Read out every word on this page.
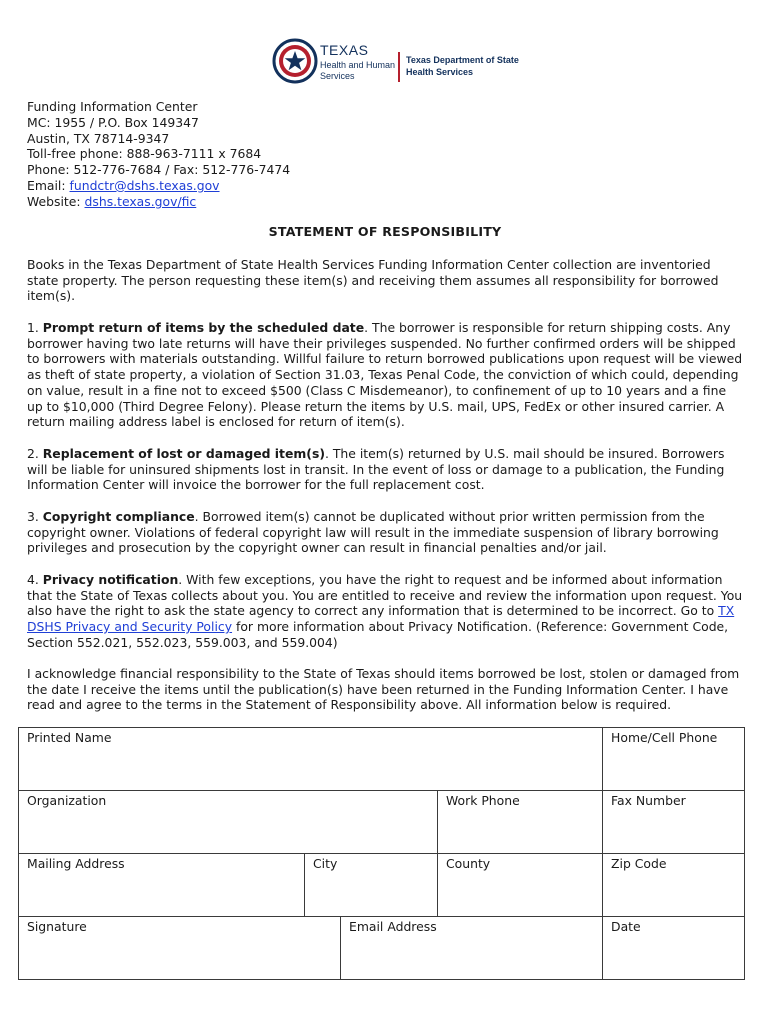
TEXAS
Health and Human Services
Texas Department of State Health Services
Funding Information Center
MC: 1955 / P.O. Box 149347
Austin, TX 78714-9347
Toll-free phone: 888-963-7111 x 7684
Phone: 512-776-7684 / Fax: 512-776-7474
Email: fundctr@dshs.texas.gov
Website: dshs.texas.gov/fic
STATEMENT OF RESPONSIBILITY

Books in the Texas Department of State Health Services Funding Information Center collection are inventoried state property. The person requesting these item(s) and receiving them assumes all responsibility for borrowed item(s).

1. Prompt return of items by the scheduled date. The borrower is responsible for return shipping costs. Any borrower having two late returns will have their privileges suspended. No further confirmed orders will be shipped to borrowers with materials outstanding. Willful failure to return borrowed publications upon request will be viewed as theft of state property, a violation of Section 31.03, Texas Penal Code, the conviction of which could, depending on value, result in a fine not to exceed $500 (Class C Misdemeanor), to confinement of up to 10 years and a fine up to $10,000 (Third Degree Felony). Please return the items by U.S. mail, UPS, FedEx or other insured carrier. A return mailing address label is enclosed for return of item(s).

2. Replacement of lost or damaged item(s). The item(s) returned by U.S. mail should be insured. Borrowers will be liable for uninsured shipments lost in transit. In the event of loss or damage to a publication, the Funding Information Center will invoice the borrower for the full replacement cost.

3. Copyright compliance. Borrowed item(s) cannot be duplicated without prior written permission from the copyright owner. Violations of federal copyright law will result in the immediate suspension of library borrowing privileges and prosecution by the copyright owner can result in financial penalties and/or jail.

4. Privacy notification. With few exceptions, you have the right to request and be informed about information that the State of Texas collects about you. You are entitled to receive and review the information upon request. You also have the right to ask the state agency to correct any information that is determined to be incorrect. Go to TX DSHS Privacy and Security Policy for more information about Privacy Notification. (Reference: Government Code, Section 552.021, 552.023, 559.003, and 559.004)

I acknowledge financial responsibility to the State of Texas should items borrowed be lost, stolen or damaged from the date I receive the items until the publication(s) have been returned in the Funding Information Center. I have read and agree to the terms in the Statement of Responsibility above. All information below is required.

Printed Name				Home/Cell Phone
Organization			Work Phone	Fax Number
Mailing Address	City		County	Zip Code
Signature		Email Address		Date
